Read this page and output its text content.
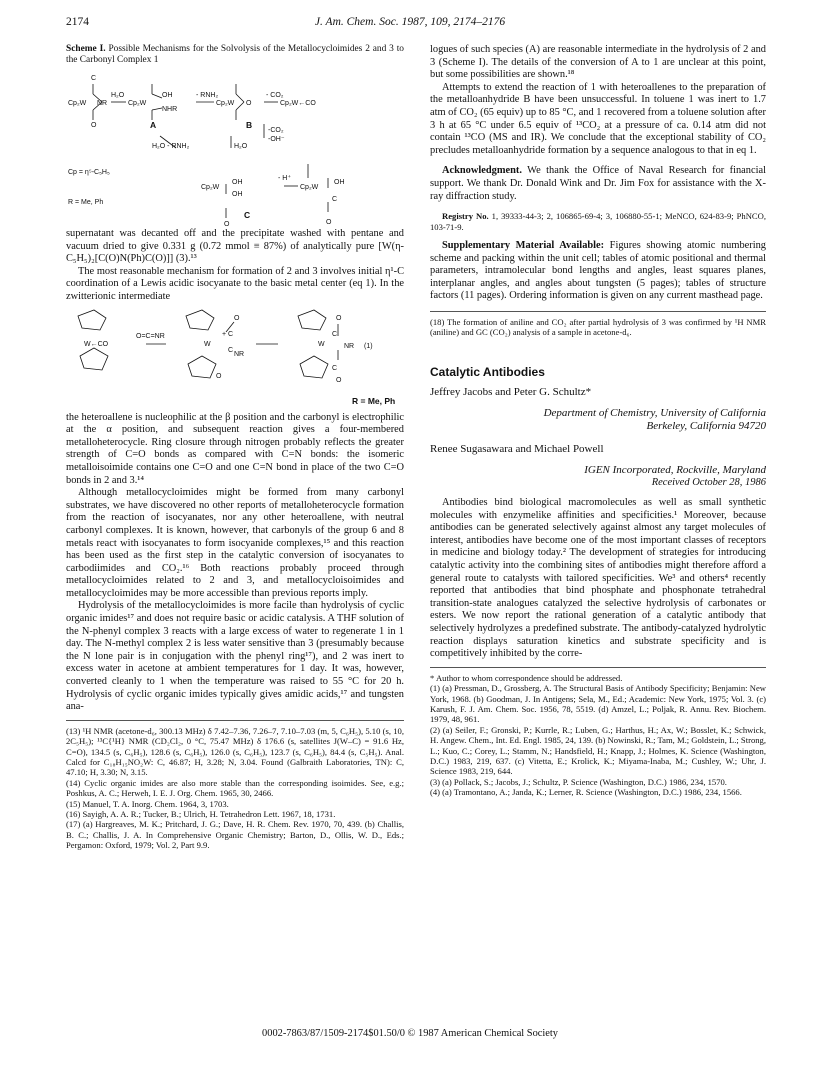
2174	J. Am. Chem. Soc. 1987, 109, 2174–2176

Scheme I. Possible Mechanisms for the Solvolysis of the Metallocycloimides 2 and 3 to the Carbonyl Complex 1

C
Cp₂W NR
H₂O
Cp₂W
OH
NHR
- RNH₂
Cp₂W O
- CO₂
Cp₂W←CO
O	A	B
-CO₂
-OH⁻
H₂O - RNH₂	H₂O
Cp = η⁵-C₅H₅
R = Me, Ph
Cp₂W
OH
OH
- H⁺
Cp₂W
OH
C
C
O	O

supernatant was decanted off and the precipitate washed with pentane and vacuum dried to give 0.331 g (0.72 mmol ≡ 87%) of analytically pure [W(η-C₅H₅)₂[C(O)N(Ph)C(O)]] (3).¹³

The most reasonable mechanism for formation of 2 and 3 involves initial η¹-C coordination of a Lewis acidic isocyanate to the basic metal center (eq 1). In the zwitterionic intermediate

W←CO
O=C=NR
W
+ C
O
C
NR
O
W
C
O
NR (1)
C
O
R = Me, Ph

the heteroallene is nucleophilic at the β position and the carbonyl is electrophilic at the α position, and subsequent reaction gives a four-membered metalloheterocycle. Ring closure through nitrogen probably reflects the greater strength of C=O bonds as compared with C=N bonds: the isomeric metalloisoimide contains one C=O and one C=N bond in place of the two C=O bonds in 2 and 3.¹⁴

Although metallocycloimides might be formed from many carbonyl substrates, we have discovered no other reports of metalloheterocycle formation from the reaction of isocyanates, nor any other heteroallene, with neutral carbonyl complexes. It is known, however, that carbonyls of the group 6 and 8 metals react with isocyanates to form isocyanide complexes,¹⁵ and this reaction has been used as the first step in the catalytic conversion of isocyanates to carbodiimides and CO₂.¹⁶ Both reactions probably proceed through metallocycloimides related to 2 and 3, and metallocycloisoimides and metallocycloimides may be more accessible than previous reports imply.

Hydrolysis of the metallocycloimides is more facile than hydrolysis of cyclic organic imides¹⁷ and does not require basic or acidic catalysis. A THF solution of the N-phenyl complex 3 reacts with a large excess of water to regenerate 1 in 1 day. The N-methyl complex 2 is less water sensitive than 3 (presumably because the N lone pair is in conjugation with the phenyl ring¹⁷), and 2 was inert to excess water in acetone at ambient temperatures for 1 day. It was, however, converted cleanly to 1 when the temperature was raised to 55 °C for 20 h. Hydrolysis of cyclic organic imides typically gives amidic acids,¹⁷ and tungsten ana-

(13) ¹H NMR (acetone-d₆, 300.13 MHz) δ 7.42–7.36, 7.26–7, 7.10–7.03 (m, 5, C₆H₅), 5.10 (s, 10, 2C₅H₅); ¹³C{¹H} NMR (CD₂Cl₂, 0 °C, 75.47 MHz) δ 176.6 (s, satellites J(W–C) = 91.6 Hz, C=O), 134.5 (s, C₆H₅), 128.6 (s, C₆H₅), 126.0 (s, C₆H₅), 123.7 (s, C₆H₅), 84.4 (s, C₅H₅). Anal. Calcd for C₁₈H₁₅NO₂W: C, 46.87; H, 3.28; N, 3.04. Found (Galbraith Laboratories, TN): C, 47.10; H, 3.30; N, 3.15.

(14) Cyclic organic imides are also more stable than the corresponding isoimides. See, e.g.; Poshkus, A. C.; Herweh, I. E. J. Org. Chem. 1965, 30, 2466.

(15) Manuel, T. A. Inorg. Chem. 1964, 3, 1703.

(16) Sayigh, A. A. R.; Tucker, B.; Ulrich, H. Tetrahedron Lett. 1967, 18, 1731.

(17) (a) Hargreaves, M. K.; Pritchard, J. G.; Dave, H. R. Chem. Rev. 1970, 70, 439. (b) Challis, B. C.; Challis, J. A. In Comprehensive Organic Chemistry; Barton, D., Ollis, W. D., Eds.; Pergamon: Oxford, 1979; Vol. 2, Part 9.9.

logues of such species (A) are reasonable intermediate in the hydrolysis of 2 and 3 (Scheme I). The details of the conversion of A to 1 are unclear at this point, but some possibilities are shown.¹⁸

Attempts to extend the reaction of 1 with heteroallenes to the preparation of the metalloanhydride B have been unsuccessful. In toluene 1 was inert to 1.7 atm of CO₂ (65 equiv) up to 85 °C, and 1 recovered from a toluene solution after 3 h at 65 °C under 6.5 equiv of ¹³CO₂ at a pressure of ca. 0.14 atm did not contain ¹³CO (MS and IR). We conclude that the exceptional stability of CO₂ precludes metalloanhydride formation by a sequence analogous to that in eq 1.

Acknowledgment. We thank the Office of Naval Research for financial support. We thank Dr. Donald Wink and Dr. Jim Fox for assistance with the X-ray diffraction study.

Registry No. 1, 39333-44-3; 2, 106865-69-4; 3, 106880-55-1; MeNCO, 624-83-9; PhNCO, 103-71-9.

Supplementary Material Available: Figures showing atomic numbering scheme and packing within the unit cell; tables of atomic positional and thermal parameters, intramolecular bond lengths and angles, least squares planes, interplanar angles, and angles about tungsten (5 pages); tables of structure factors (11 pages). Ordering information is given on any current masthead page.

(18) The formation of aniline and CO₂ after partial hydrolysis of 3 was confirmed by ¹H NMR (aniline) and GC (CO₂) analysis of a sample in acetone-d₆.

Catalytic Antibodies
Jeffrey Jacobs and Peter G. Schultz*
Department of Chemistry, University of California
Berkeley, California 94720
Renee Sugasawara and Michael Powell
IGEN Incorporated, Rockville, Maryland
Received October 28, 1986

Antibodies bind biological macromolecules as well as small synthetic molecules with enzymelike affinities and specificities.¹ Moreover, because antibodies can be generated selectively against almost any target molecules of interest, antibodies have become one of the most important classes of receptors in medicine and biology today.² The development of strategies for introducing catalytic activity into the combining sites of antibodies might therefore afford a general route to catalysts with tailored specificities. We³ and others⁴ recently reported that antibodies that bind phosphate and phosphonate tetrahedral transition-state analogues catalyzed the selective hydrolysis of carbonates or esters. We now report the rational generation of a catalytic antibody that selectively hydrolyzes a predefined substrate. The antibody-catalyzed hydrolytic reaction displays saturation kinetics and substrate specificity and is competitively inhibited by the corre-

* Author to whom correspondence should be addressed.

(1) (a) Pressman, D., Grossberg, A. The Structural Basis of Antibody Specificity; Benjamin: New York, 1968. (b) Goodman, J. In Antigens; Sela, M., Ed.; Academic: New York, 1975; Vol. 3. (c) Karush, F. J. Am. Chem. Soc. 1956, 78, 5519. (d) Amzel, L.; Poljak, R. Annu. Rev. Biochem. 1979, 48, 961.

(2) (a) Seiler, F.; Gronski, P.; Kurrle, R.; Luben, G.; Harthus, H.; Ax, W.; Bosslet, K.; Schwick, H. Angew. Chem., Int. Ed. Engl. 1985, 24, 139. (b) Nowinski, R.; Tam, M.; Goldstein, L.; Strong, L.; Kuo, C.; Corey, L.; Stamm, N.; Handsfield, H.; Knapp, J.; Holmes, K. Science (Washington, D.C.) 1983, 219, 637. (c) Vitetta, E.; Krolick, K.; Miyama-Inaba, M.; Cushley, W.; Uhr, J. Science 1983, 219, 644.

(3) (a) Pollack, S.; Jacobs, J.; Schultz, P. Science (Washington, D.C.) 1986, 234, 1570.

(4) (a) Tramontano, A.; Janda, K.; Lerner, R. Science (Washington, D.C.) 1986, 234, 1566.

0002-7863/87/1509-2174$01.50/0 © 1987 American Chemical Society
